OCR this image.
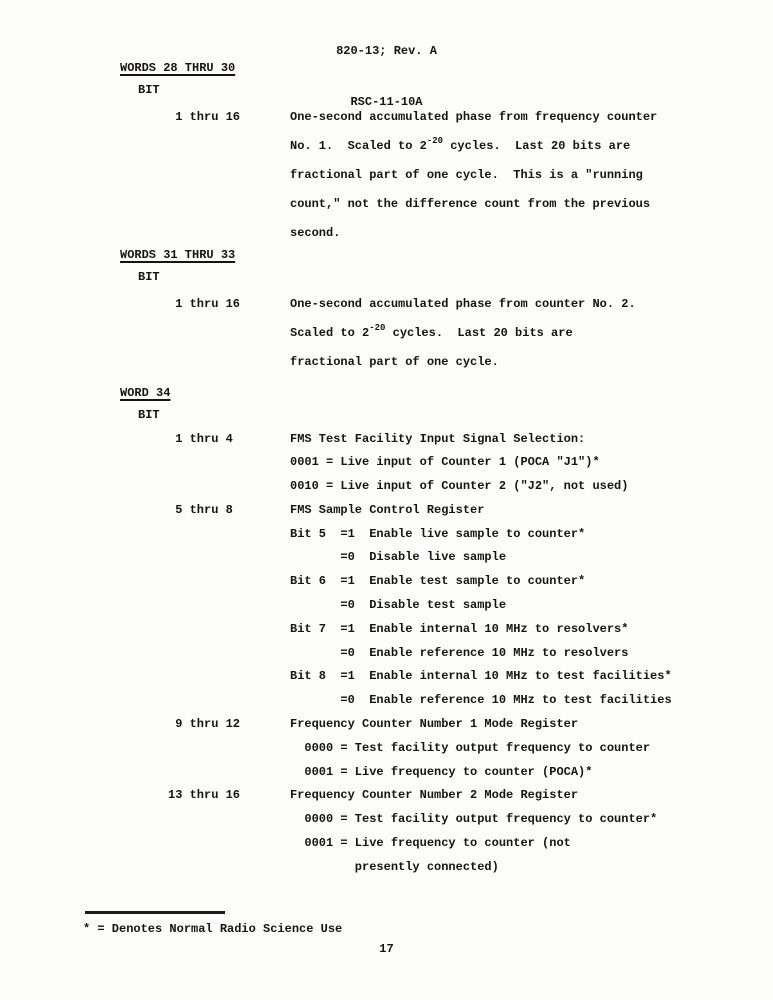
820-13; Rev. A

RSC-11-10A

WORDS 28 THRU 30
BIT
1 thru 16	One-second accumulated phase from frequency counter
No. 1.  Scaled to $2^{-20}$ cycles.  Last 20 bits are
fractional part of one cycle.  This is a "running
count," not the difference count from the previous
second.
WORDS 31 THRU 33
BIT
1 thru 16	One-second accumulated phase from counter No. 2.
Scaled to $2^{-20}$ cycles.  Last 20 bits are
fractional part of one cycle.
WORD 34
BIT
1 thru 4	FMS Test Facility Input Signal Selection:
0001 = Live input of Counter 1 (POCA "J1")*
0010 = Live input of Counter 2 ("J2", not used)
5 thru 8	FMS Sample Control Register
Bit 5  =1  Enable live sample to counter*
=0  Disable live sample
Bit 6  =1  Enable test sample to counter*
=0  Disable test sample
Bit 7  =1  Enable internal 10 MHz to resolvers*
=0  Enable reference 10 MHz to resolvers
Bit 8  =1  Enable internal 10 MHz to test facilities*
=0  Enable reference 10 MHz to test facilities
9 thru 12	Frequency Counter Number 1 Mode Register
0000 = Test facility output frequency to counter
0001 = Live frequency to counter (POCA)*
13 thru 16	Frequency Counter Number 2 Mode Register
0000 = Test facility output frequency to counter*
0001 = Live frequency to counter (not
presently connected)
* = Denotes Normal Radio Science Use
17
